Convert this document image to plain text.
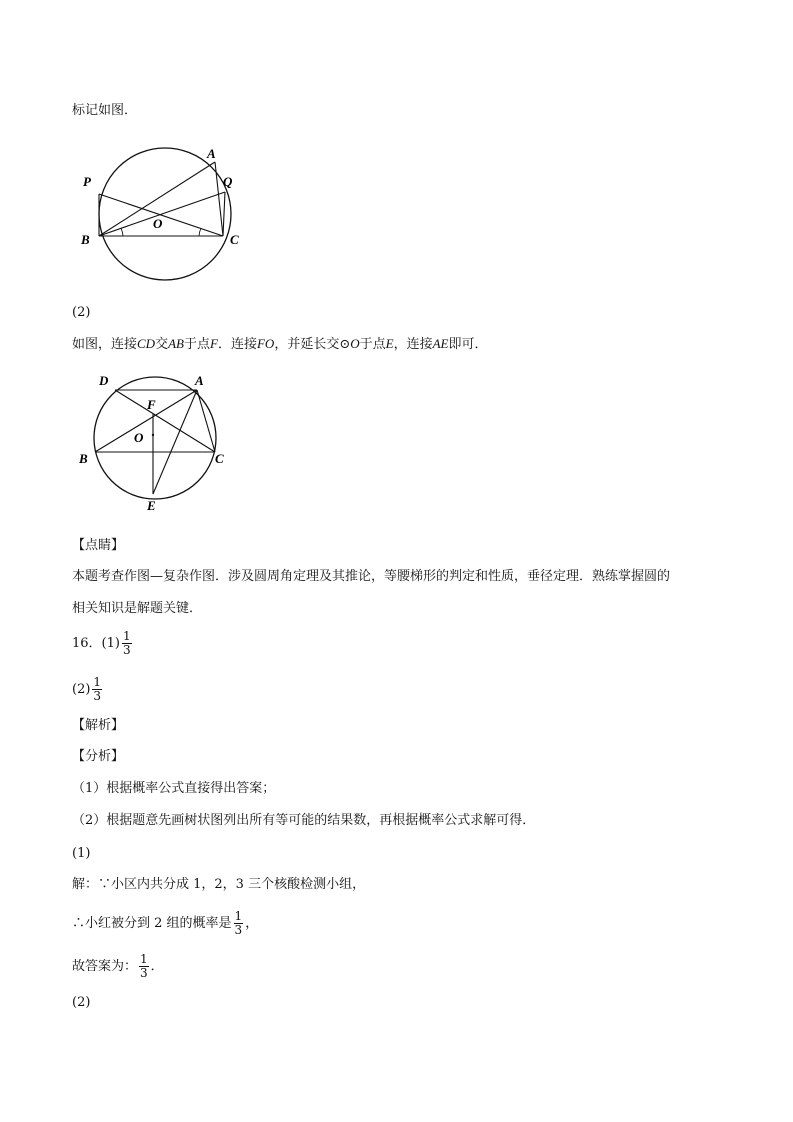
标记如图．
A
P	Q
O
B	C
(2)
如图，连接CD交AB于点F．连接FO，并延长交⊙O于点E，连接AE即可．
D	A
F
O
B	C
E
【点睛】
本题考查作图—复杂作图．涉及圆周角定理及其推论，等腰梯形的判定和性质，垂径定理．熟练掌握圆的
相关知识是解题关键．
16．$(1) \frac{1}{3}$
$(2) \frac{1}{3}$
【解析】
【分析】
（1）根据概率公式直接得出答案；
（2）根据题意先画树状图列出所有等可能的结果数，再根据概率公式求解可得．
(1)
解：∵小区内共分成 1，2，3 三个核酸检测小组，
∴小红被分到 2 组的概率是 $\frac{1}{3}$ ，
故答案为： $\frac{1}{3}$ ．
(2)
